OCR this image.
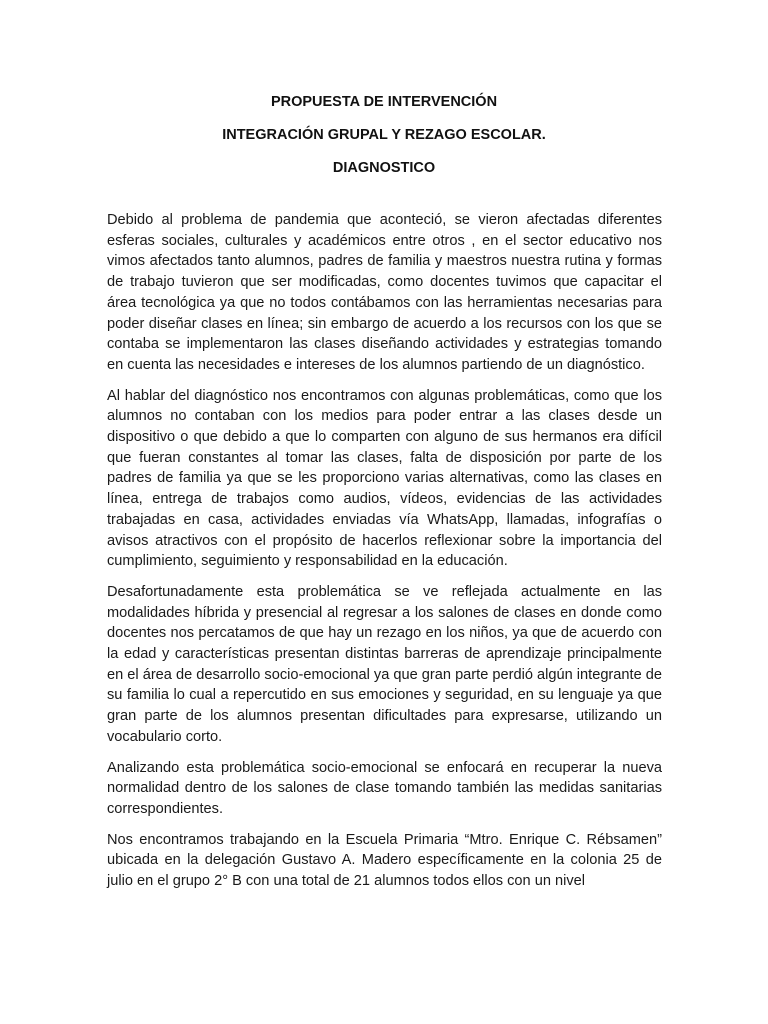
PROPUESTA DE INTERVENCIÓN
INTEGRACIÓN GRUPAL Y REZAGO ESCOLAR.
DIAGNOSTICO

Debido al problema de pandemia que aconteció, se vieron afectadas diferentes esferas sociales, culturales y académicos entre otros , en el sector educativo nos vimos afectados tanto alumnos, padres de familia y maestros nuestra rutina y formas de trabajo tuvieron que ser modificadas, como docentes tuvimos que capacitar el área tecnológica ya que no todos contábamos con las herramientas necesarias para poder diseñar clases en línea; sin embargo de acuerdo a los recursos con los que se contaba se implementaron las clases diseñando actividades y estrategias tomando en cuenta las necesidades e intereses de los alumnos partiendo de un diagnóstico.

Al hablar del diagnóstico nos encontramos con algunas problemáticas, como que los alumnos no contaban con los medios para poder entrar a las clases desde un dispositivo o que debido a que lo comparten con alguno de sus hermanos era difícil que fueran constantes al tomar las clases, falta de disposición por parte de los padres de familia ya que se les proporciono varias alternativas, como las clases en línea, entrega de trabajos como audios, vídeos, evidencias de las actividades trabajadas en casa, actividades enviadas vía WhatsApp, llamadas, infografías o avisos atractivos con el propósito de hacerlos reflexionar sobre la importancia del cumplimiento, seguimiento y responsabilidad en la educación.

Desafortunadamente esta problemática se ve reflejada actualmente en las modalidades híbrida y presencial al regresar a los salones de clases en donde como docentes nos percatamos de que hay un rezago en los niños, ya que de acuerdo con la edad y características presentan distintas barreras de aprendizaje principalmente en el área de desarrollo socio-emocional ya que gran parte perdió algún integrante de su familia lo cual a repercutido en sus emociones y seguridad, en su lenguaje ya que gran parte de los alumnos presentan dificultades para expresarse, utilizando un vocabulario corto.

Analizando esta problemática socio-emocional se enfocará en recuperar la nueva normalidad dentro de los salones de clase tomando también las medidas sanitarias correspondientes.

Nos encontramos trabajando en la Escuela Primaria “Mtro. Enrique C. Rébsamen” ubicada en la delegación Gustavo A. Madero específicamente en la colonia 25 de julio en el grupo 2° B con una total de 21 alumnos todos ellos con un nivel
